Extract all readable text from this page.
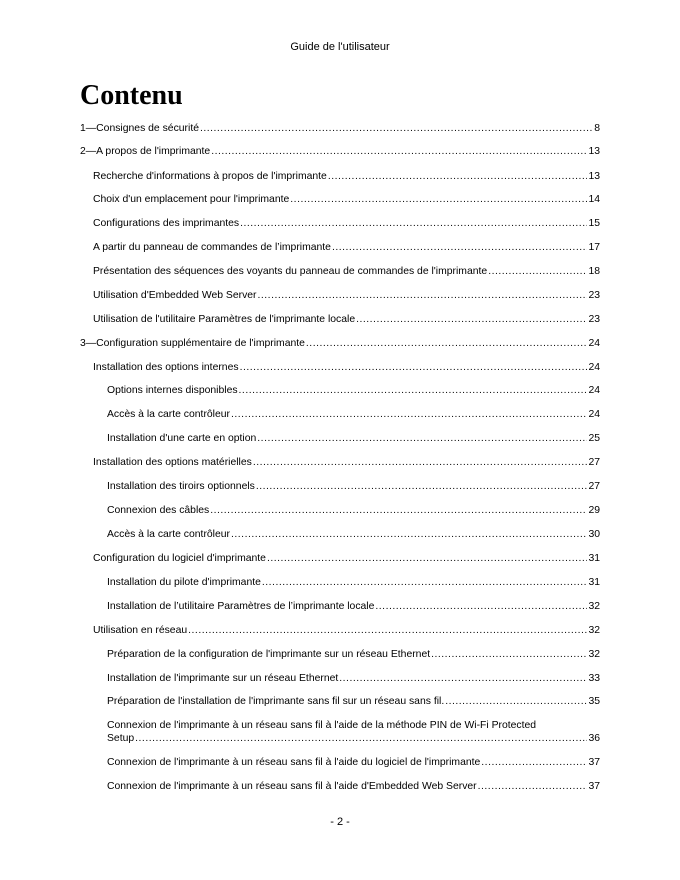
Guide de l'utilisateur
Contenu
1—Consignes de sécurité .....	8
2—A propos de l'imprimante .....	13
Recherche d'informations à propos de l'imprimante .....	13
Choix d'un emplacement pour l'imprimante .....	14
Configurations des imprimantes .....	15
A partir du panneau de commandes de l’imprimante .....	17
Présentation des séquences des voyants du panneau de commandes de l'imprimante .....	18
Utilisation d'Embedded Web Server .....	23
Utilisation de l'utilitaire Paramètres de l'imprimante locale .....	23
3—Configuration supplémentaire de l'imprimante .....	24
Installation des options internes .....	24
Options internes disponibles .....	24
Accès à la carte contrôleur .....	24
Installation d'une carte en option .....	25
Installation des options matérielles .....	27
Installation des tiroirs optionnels .....	27
Connexion des câbles .....	29
Accès à la carte contrôleur .....	30
Configuration du logiciel d'imprimante .....	31
Installation du pilote d'imprimante .....	31
Installation de l’utilitaire Paramètres de l’imprimante locale .....	32
Utilisation en réseau .....	32
Préparation de la configuration de l'imprimante sur un réseau Ethernet .....	32
Installation de l'imprimante sur un réseau Ethernet .....	33
Préparation de l'installation de l'imprimante sans fil sur un réseau sans fil. .....	35
Connexion de l'imprimante à un réseau sans fil à l'aide de la méthode PIN de Wi-Fi Protected
Setup .....	36
Connexion de l'imprimante à un réseau sans fil à l'aide du logiciel de l'imprimante .....	37
Connexion de l'imprimante à un réseau sans fil à l'aide d'Embedded Web Server .....	37
- 2 -
